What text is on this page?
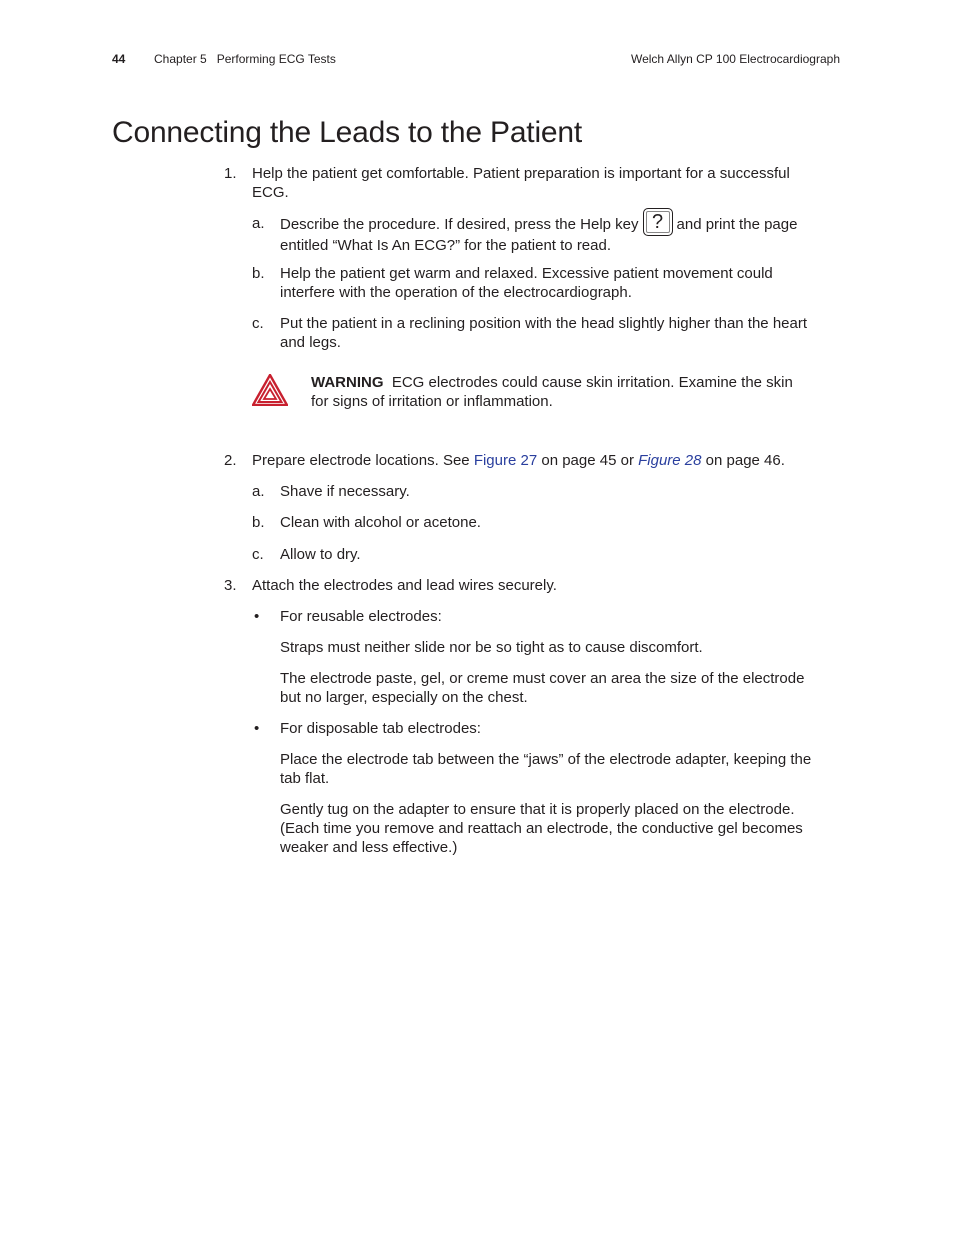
44 Chapter 5   Performing ECG Tests	Welch Allyn CP 100 Electrocardiograph
Connecting the Leads to the Patient
1. Help the patient get comfortable. Patient preparation is important for a successful
ECG.
a. Describe the procedure. If desired, press the Help key ? and print the page
entitled “What Is An ECG?” for the patient to read.
b. Help the patient get warm and relaxed. Excessive patient movement could
interfere with the operation of the electrocardiograph.
c. Put the patient in a reclining position with the head slightly higher than the heart
and legs.
WARNING ECG electrodes could cause skin irritation. Examine the skin
for signs of irritation or inflammation.
2. Prepare electrode locations. See Figure 27 on page 45 or Figure 28 on page 46.
a. Shave if necessary.
b. Clean with alcohol or acetone.
c. Allow to dry.
3. Attach the electrodes and lead wires securely.
• For reusable electrodes:
Straps must neither slide nor be so tight as to cause discomfort.
The electrode paste, gel, or creme must cover an area the size of the electrode
but no larger, especially on the chest.
• For disposable tab electrodes:
Place the electrode tab between the “jaws” of the electrode adapter, keeping the
tab flat.
Gently tug on the adapter to ensure that it is properly placed on the electrode.
(Each time you remove and reattach an electrode, the conductive gel becomes
weaker and less effective.)
